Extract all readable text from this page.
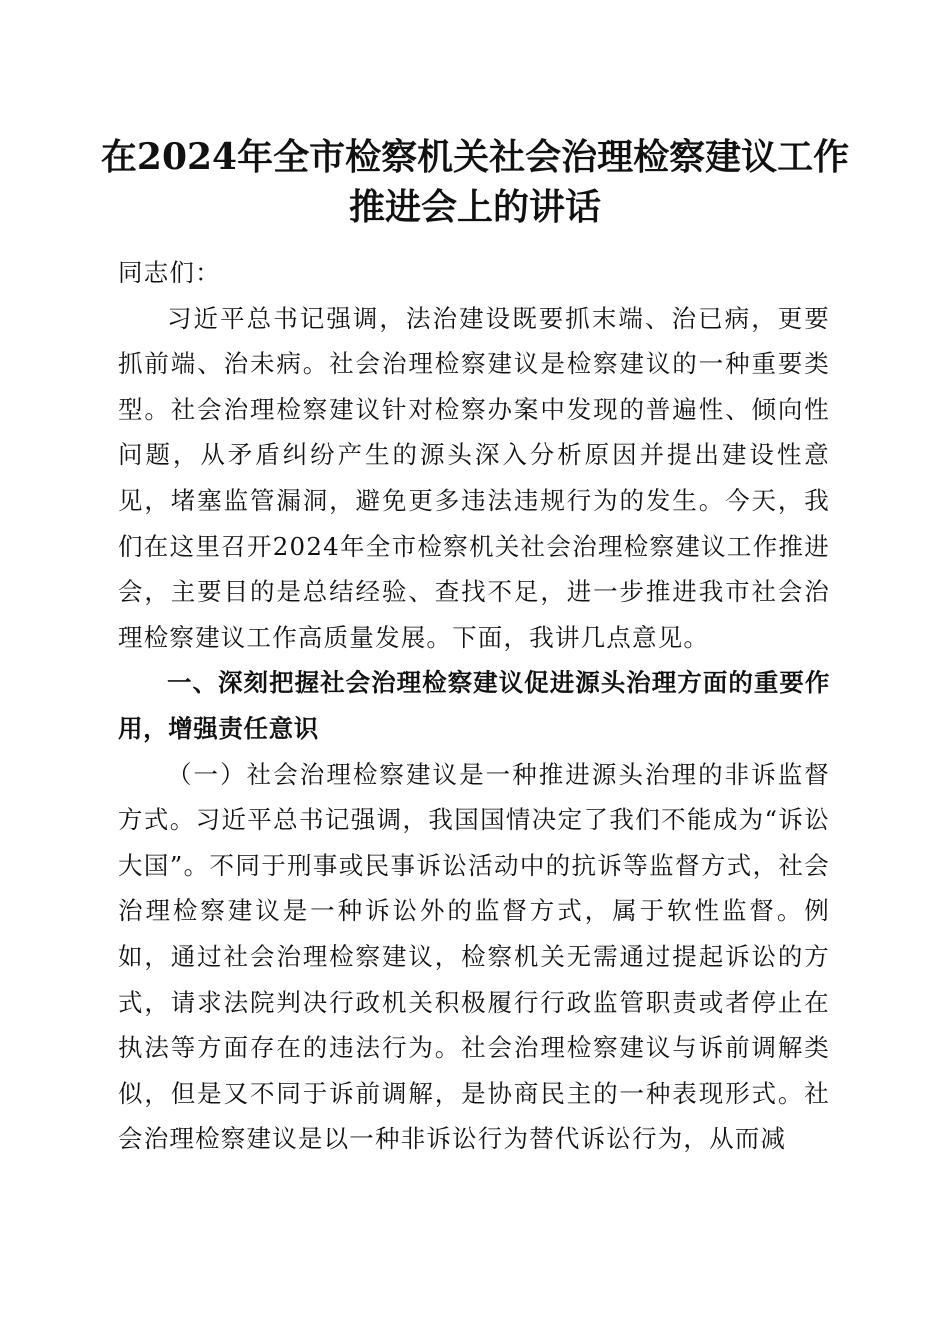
在2024年全市检察机关社会治理检察建议工作推进会上的讲话

同志们：

习近平总书记强调，法治建设既要抓末端、治已病，更要抓前端、治未病。社会治理检察建议是检察建议的一种重要类型。社会治理检察建议针对检察办案中发现的普遍性、倾向性问题，从矛盾纠纷产生的源头深入分析原因并提出建设性意见，堵塞监管漏洞，避免更多违法违规行为的发生。今天，我们在这里召开2024年全市检察机关社会治理检察建议工作推进会，主要目的是总结经验、查找不足，进一步推进我市社会治理检察建议工作高质量发展。下面，我讲几点意见。

一、深刻把握社会治理检察建议促进源头治理方面的重要作用，增强责任意识

（一）社会治理检察建议是一种推进源头治理的非诉监督方式。习近平总书记强调，我国国情决定了我们不能成为“诉讼大国”。不同于刑事或民事诉讼活动中的抗诉等监督方式，社会治理检察建议是一种诉讼外的监督方式，属于软性监督。例如，通过社会治理检察建议，检察机关无需通过提起诉讼的方式，请求法院判决行政机关积极履行行政监管职责或者停止在执法等方面存在的违法行为。社会治理检察建议与诉前调解类似，但是又不同于诉前调解，是协商民主的一种表现形式。社会治理检察建议是以一种非诉讼行为替代诉讼行为，从而减
